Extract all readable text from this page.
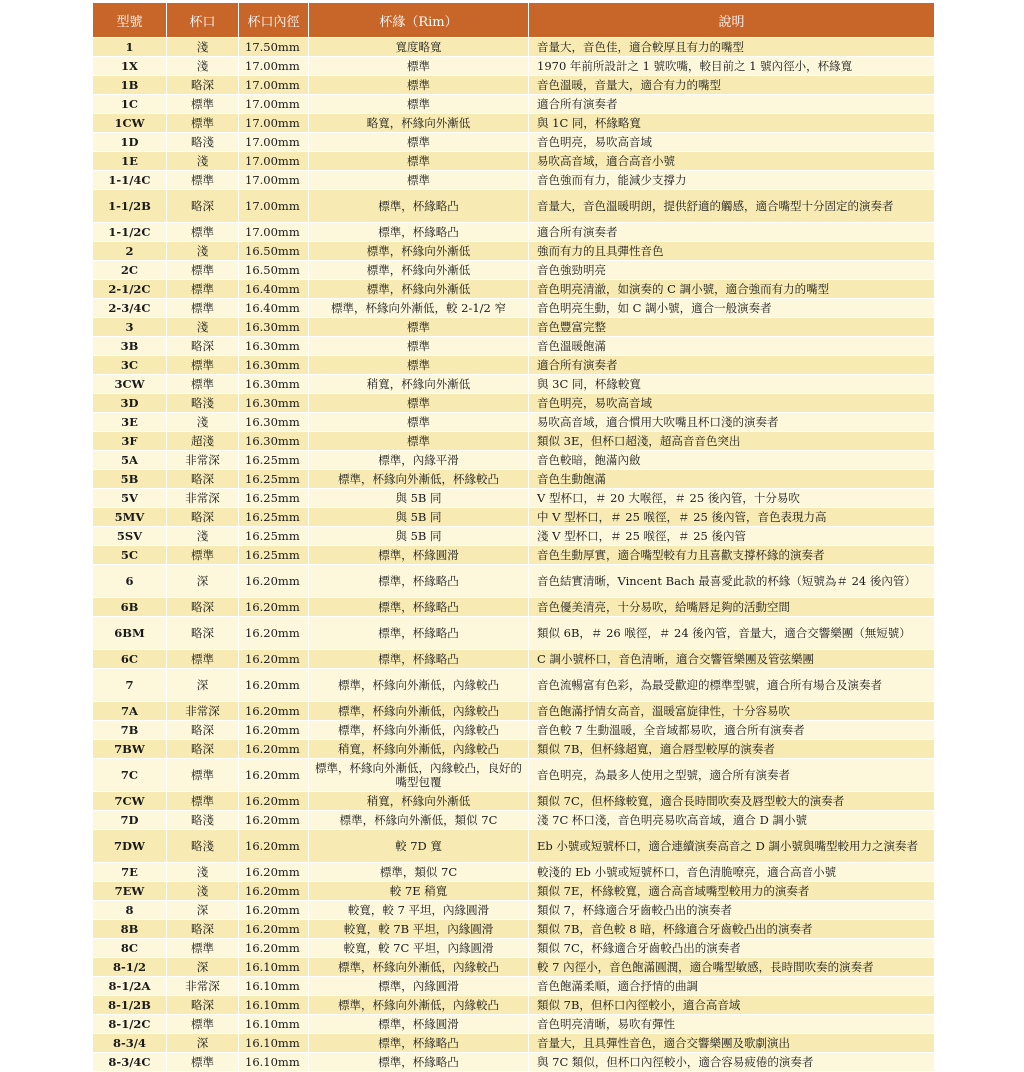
型號	杯口	杯口內徑	杯緣（Rim）	說明
1	淺	17.50mm	寬度略寬	音量大，音色佳，適合較厚且有力的嘴型
1X	淺	17.00mm	標準	1970 年前所設計之 1 號吹嘴，較目前之 1 號內徑小，杯緣寬
1B	略深	17.00mm	標準	音色溫暖，音量大，適合有力的嘴型
1C	標準	17.00mm	標準	適合所有演奏者
1CW	標準	17.00mm	略寬，杯緣向外漸低	與 1C 同，杯緣略寬
1D	略淺	17.00mm	標準	音色明亮，易吹高音域
1E	淺	17.00mm	標準	易吹高音域，適合高音小號
1-1/4C	標準	17.00mm	標準	音色強而有力，能減少支撐力
1-1/2B	略深	17.00mm	標準，杯緣略凸	音量大，音色溫暖明朗，提供舒適的觸感，適合嘴型十分固定的演奏者
1-1/2C	標準	17.00mm	標準，杯緣略凸	適合所有演奏者
2	淺	16.50mm	標準，杯緣向外漸低	強而有力的且具彈性音色
2C	標準	16.50mm	標準，杯緣向外漸低	音色強勁明亮
2-1/2C	標準	16.40mm	標準，杯緣向外漸低	音色明亮清澈，如演奏的 C 調小號，適合強而有力的嘴型
2-3/4C	標準	16.40mm	標準，杯緣向外漸低，較 2-1/2 窄	音色明亮生動，如 C 調小號，適合一般演奏者
3	淺	16.30mm	標準	音色豐富完整
3B	略深	16.30mm	標準	音色溫暖飽滿
3C	標準	16.30mm	標準	適合所有演奏者
3CW	標準	16.30mm	稍寬，杯緣向外漸低	與 3C 同，杯緣較寬
3D	略淺	16.30mm	標準	音色明亮，易吹高音域
3E	淺	16.30mm	標準	易吹高音域，適合慣用大吹嘴且杯口淺的演奏者
3F	超淺	16.30mm	標準	類似 3E，但杯口超淺，超高音音色突出
5A	非常深	16.25mm	標準，內緣平滑	音色較暗，飽滿內斂
5B	略深	16.25mm	標準，杯緣向外漸低，杯緣較凸	音色生動飽滿
5V	非常深	16.25mm	與 5B 同	V 型杯口，＃ 20 大喉徑，＃ 25 後內管，十分易吹
5MV	略深	16.25mm	與 5B 同	中 V 型杯口，＃ 25 喉徑，＃ 25 後內管，音色表現力高
5SV	淺	16.25mm	與 5B 同	淺 V 型杯口，＃ 25 喉徑，＃ 25 後內管
5C	標準	16.25mm	標準，杯緣圓滑	音色生動厚實，適合嘴型較有力且喜歡支撐杯緣的演奏者
6	深	16.20mm	標準，杯緣略凸	音色結實清晰，Vincent Bach 最喜愛此款的杯緣（短號為＃ 24 後內管）
6B	略深	16.20mm	標準，杯緣略凸	音色優美清亮，十分易吹，給嘴唇足夠的活動空間
6BM	略深	16.20mm	標準，杯緣略凸	類似 6B，＃ 26 喉徑，＃ 24 後內管，音量大，適合交響樂團（無短號）
6C	標準	16.20mm	標準，杯緣略凸	C 調小號杯口，音色清晰，適合交響管樂團及管弦樂團
7	深	16.20mm	標準，杯緣向外漸低，內緣較凸	音色流暢富有色彩，為最受歡迎的標準型號，適合所有場合及演奏者
7A	非常深	16.20mm	標準，杯緣向外漸低，內緣較凸	音色飽滿抒情女高音，溫暖富旋律性，十分容易吹
7B	略深	16.20mm	標準，杯緣向外漸低，內緣較凸	音色較 7 生動溫暖，全音域都易吹，適合所有演奏者
7BW	略深	16.20mm	稍寬，杯緣向外漸低，內緣較凸	類似 7B，但杯緣超寬，適合唇型較厚的演奏者
7C	標準	16.20mm	標準，杯緣向外漸低，內緣較凸，良好的嘴型包覆	音色明亮，為最多人使用之型號，適合所有演奏者
7CW	標準	16.20mm	稍寬，杯緣向外漸低	類似 7C，但杯緣較寬，適合長時間吹奏及唇型較大的演奏者
7D	略淺	16.20mm	標準，杯緣向外漸低，類似 7C	淺 7C 杯口淺，音色明亮易吹高音域，適合 D 調小號
7DW	略淺	16.20mm	較 7D 寬	Eb 小號或短號杯口，適合連續演奏高音之 D 調小號與嘴型較用力之演奏者
7E	淺	16.20mm	標準，類似 7C	較淺的 Eb 小號或短號杯口，音色清脆嘹亮，適合高音小號
7EW	淺	16.20mm	較 7E 稍寬	類似 7E，杯緣較寬，適合高音域嘴型較用力的演奏者
8	深	16.20mm	較寬，較 7 平坦，內緣圓滑	類似 7，杯緣適合牙齒較凸出的演奏者
8B	略深	16.20mm	較寬，較 7B 平坦，內緣圓滑	類似 7B，音色較 8 暗，杯緣適合牙齒較凸出的演奏者
8C	標準	16.20mm	較寬，較 7C 平坦，內緣圓滑	類似 7C，杯緣適合牙齒較凸出的演奏者
8-1/2	深	16.10mm	標準，杯緣向外漸低，內緣較凸	較 7 內徑小，音色飽滿圓潤，適合嘴型敏感，長時間吹奏的演奏者
8-1/2A	非常深	16.10mm	標準，內緣圓滑	音色飽滿柔順，適合抒情的曲調
8-1/2B	略深	16.10mm	標準，杯緣向外漸低，內緣較凸	類似 7B，但杯口內徑較小，適合高音域
8-1/2C	標準	16.10mm	標準，杯緣圓滑	音色明亮清晰，易吹有彈性
8-3/4	深	16.10mm	標準，杯緣略凸	音量大，且具彈性音色，適合交響樂團及歌劇演出
8-3/4C	標準	16.10mm	標準，杯緣略凸	與 7C 類似，但杯口內徑較小，適合容易疲倦的演奏者
